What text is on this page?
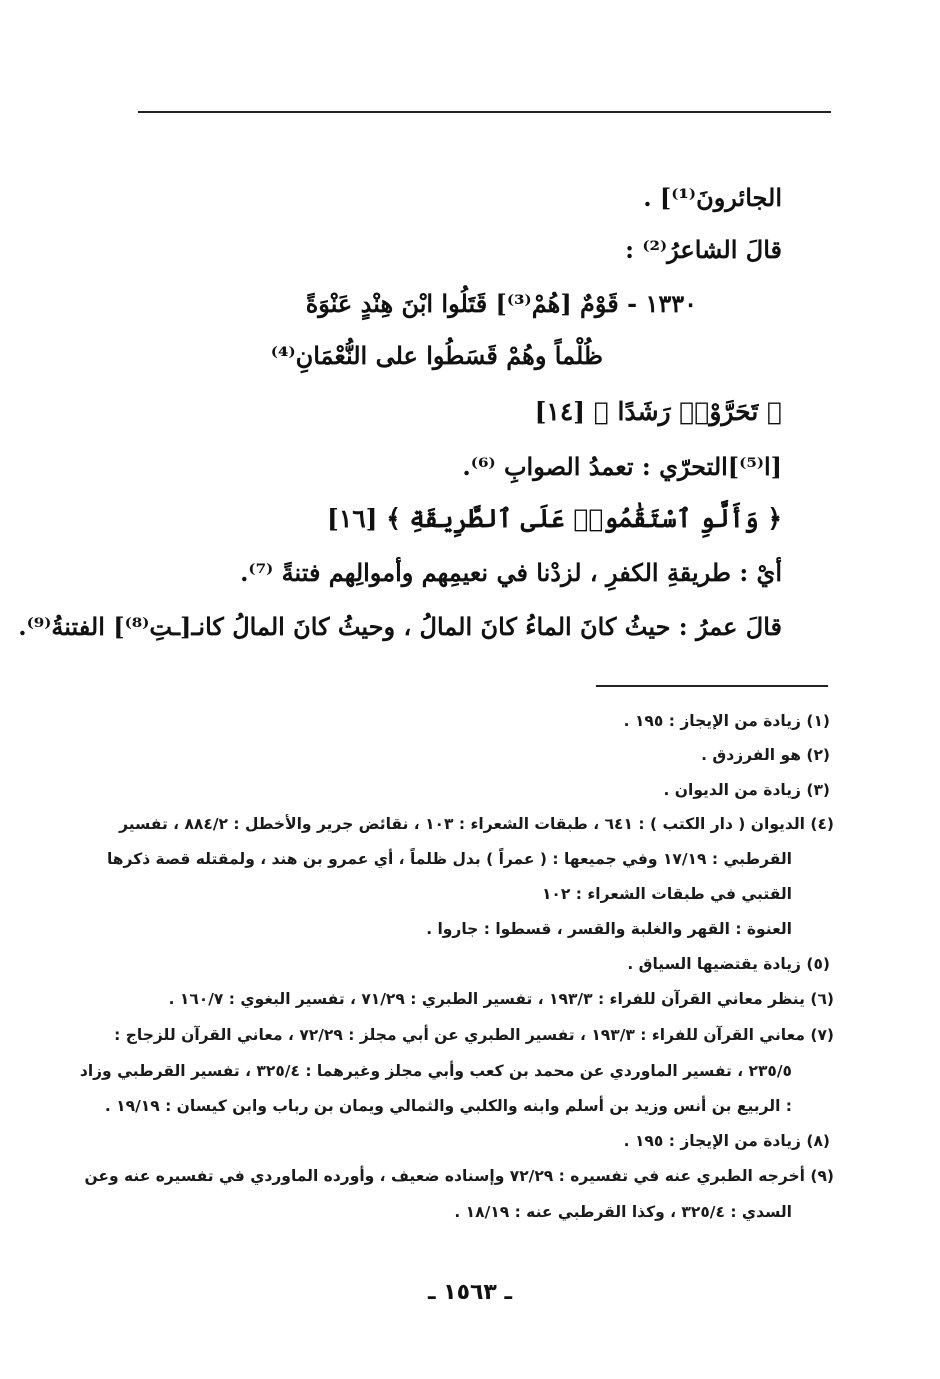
الجائرونَ⁽¹⁾] .
قالَ الشاعرُ⁽²⁾ :
١٣٣٠ - قَوْمٌ [هُمْ⁽³⁾] قَتَلُوا ابْنَ هِنْدٍ عَنْوَةً
ظُلْماً وهُمْ قَسَطُوا على النُّعْمَانِ⁽⁴⁾
﴿ تَحَرَّوْا۟ رَشَدًا ﴾ [١٤]
[ا⁽⁵⁾]التحرّي : تعمدُ الصوابِ ⁽⁶⁾.
﴿ وَأَلَّوِ ٱسْتَقَٰمُوا۟ عَلَى ٱلطَّرِيقَةِ ﴾ [١٦]
أيْ : طريقةِ الكفرِ ، لزدْنا في نعيمِهم وأموالِهم فتنةً ⁽⁷⁾.
قالَ عمرُ : حيثُ كانَ الماءُ كانَ المالُ ، وحيثُ كانَ المالُ كانـ[ـتِ⁽⁸⁾] الفتنةُ⁽⁹⁾.
(١) زيادة من الإيجاز : ١٩٥ .
(٢) هو الفرزدق .
(٣) زيادة من الديوان .
(٤) الديوان ( دار الكتب ) : ٦٤١ ، طبقات الشعراء : ١٠٣ ، نقائض جرير والأخطل : ٨٨٤/٢ ، تفسير
القرطبي : ١٧/١٩ وفي جميعها : ( عمراً ) بدل ظلماً ، أي عمرو بن هند ، ولمقتله قصة ذكرها
القتبي في طبقات الشعراء : ١٠٢
العنوة : القهر والغلبة والقسر ، قسطوا : جاروا .
(٥) زيادة يقتضيها السياق .
(٦) ينظر معاني القرآن للفراء : ١٩٣/٣ ، تفسير الطبري : ٧١/٢٩ ، تفسير البغوي : ١٦٠/٧ .
(٧) معاني القرآن للفراء : ١٩٣/٣ ، تفسير الطبري عن أبي مجلز : ٧٢/٢٩ ، معاني القرآن للزجاج :
٢٣٥/٥ ، تفسير الماوردي عن محمد بن كعب وأبي مجلز وغيرهما : ٣٢٥/٤ ، تفسير القرطبي وزاد
: الربيع بن أنس وزيد بن أسلم وابنه والكلبي والثمالي ويمان بن رباب وابن كيسان : ١٩/١٩ .
(٨) زيادة من الإيجاز : ١٩٥ .
(٩) أخرجه الطبري عنه في تفسيره : ٧٢/٢٩ وإسناده ضعيف ، وأورده الماوردي في تفسيره عنه وعن
السدي : ٣٢٥/٤ ، وكذا القرطبي عنه : ١٨/١٩ .
ـ ١٥٦٣ ـ
